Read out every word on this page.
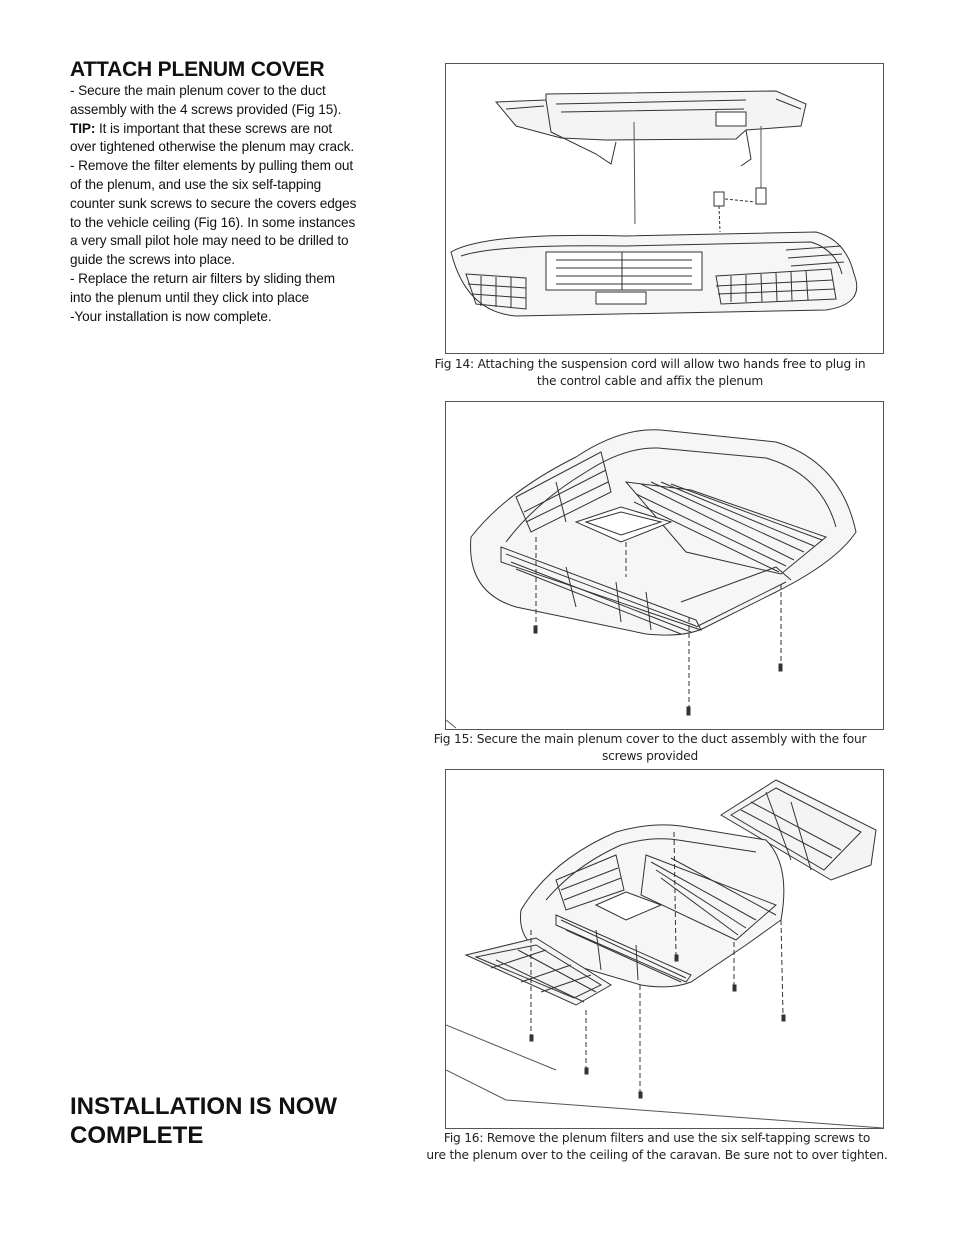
ATTACH PLENUM COVER

- Secure the main plenum cover to the duct assembly with the 4 screws provided (Fig 15).

TIP: It is important that these screws are not over tightened otherwise the plenum may crack.

- Remove the filter elements by pulling them out of the plenum, and use the six self-tapping counter sunk screws to secure the covers edges to the vehicle ceiling (Fig 16). In some instances a very small pilot hole may need to be drilled to guide the screws into place.

- Replace the return air filters by sliding them into the plenum until they click into place

-Your installation is now complete.

INSTALLATION IS NOW COMPLETE
Fig 14: Attaching the suspension cord will allow two hands free to plug in
the control cable and affix the plenum
Fig 15: Secure the main plenum cover to the duct assembly with the four
screws provided
Fig 16: Remove the plenum filters and use the six self-tapping screws to
ure the plenum over to the ceiling of the caravan. Be sure not to over tighten.
